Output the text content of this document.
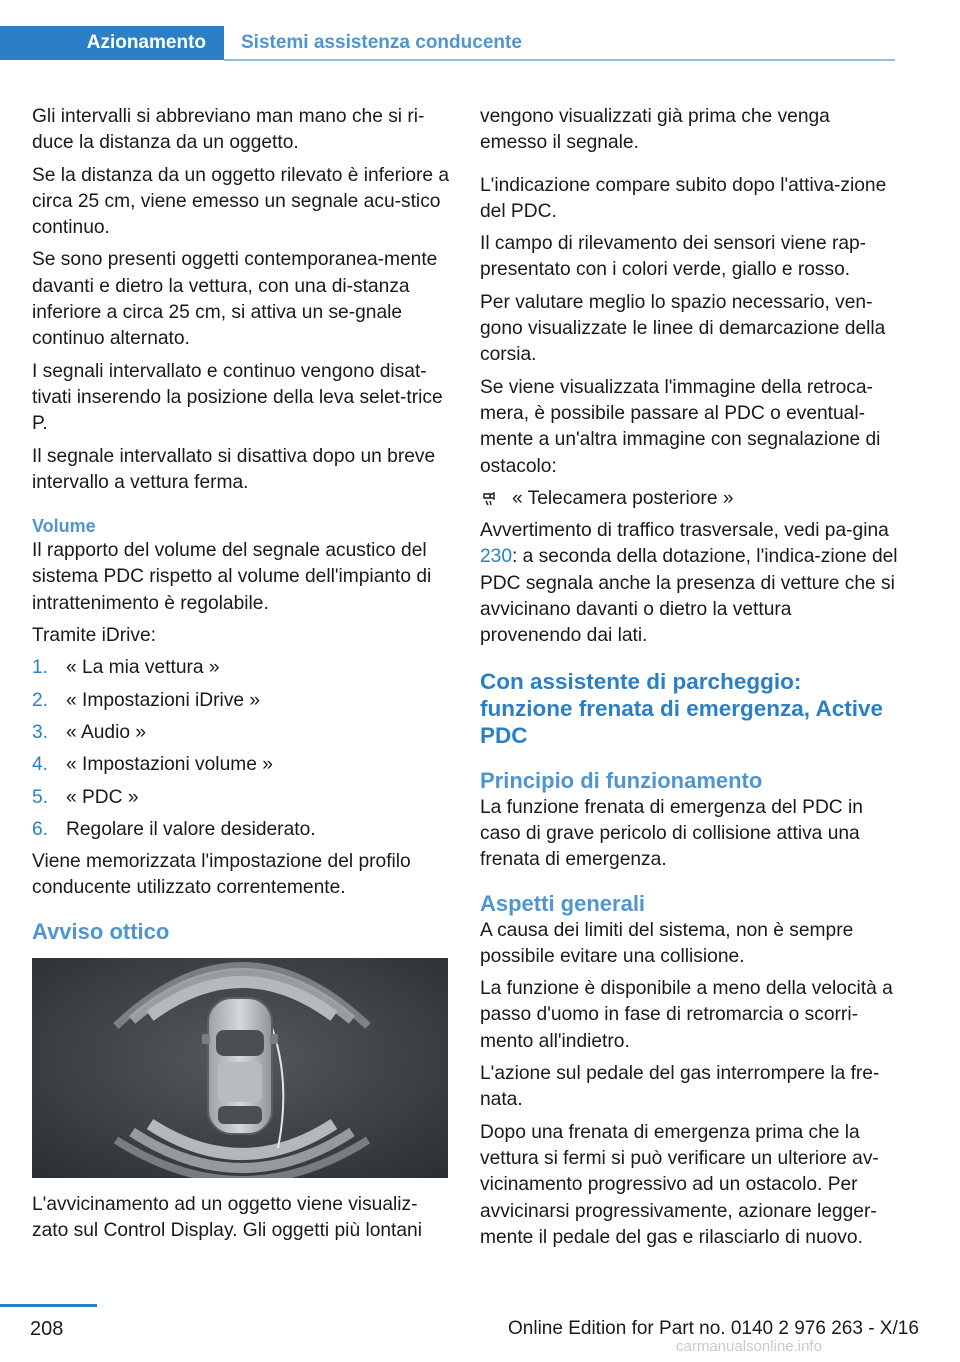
Azionamento	Sistemi assistenza conducente

Gli intervalli si abbreviano man mano che si ri‐duce la distanza da un oggetto.

Se la distanza da un oggetto rilevato è inferiore a circa 25 cm, viene emesso un segnale acu‐stico continuo.

Se sono presenti oggetti contemporanea‐mente davanti e dietro la vettura, con una di‐stanza inferiore a circa 25 cm, si attiva un se‐gnale continuo alternato.

I segnali intervallato e continuo vengono disat‐tivati inserendo la posizione della leva selet‐trice P.

Il segnale intervallato si disattiva dopo un breve intervallo a vettura ferma.

Volume

Il rapporto del volume del segnale acustico del sistema PDC rispetto al volume dell'impianto di intrattenimento è regolabile.

Tramite iDrive:

1. « La mia vettura »
2. « Impostazioni iDrive »
3. « Audio »
4. « Impostazioni volume »
5. « PDC »
6. Regolare il valore desiderato.

Viene memorizzata l'impostazione del profilo conducente utilizzato correntemente.

Avviso ottico

L'avvicinamento ad un oggetto viene visualiz‐zato sul Control Display. Gli oggetti più lontani

vengono visualizzati già prima che venga emesso il segnale.

L'indicazione compare subito dopo l'attiva‐zione del PDC.

Il campo di rilevamento dei sensori viene rap‐presentato con i colori verde, giallo e rosso.

Per valutare meglio lo spazio necessario, ven‐gono visualizzate le linee di demarcazione della corsia.

Se viene visualizzata l'immagine della retroca‐mera, è possibile passare al PDC o eventual‐mente a un'altra immagine con segnalazione di ostacolo:

« Telecamera posteriore »

Avvertimento di traffico trasversale, vedi pa‐gina 230: a seconda della dotazione, l'indica‐zione del PDC segnala anche la presenza di vetture che si avvicinano davanti o dietro la vettura provenendo dai lati.

Con assistente di parcheggio: funzione frenata di emergenza, Active PDC
Principio di funzionamento

La funzione frenata di emergenza del PDC in caso di grave pericolo di collisione attiva una frenata di emergenza.

Aspetti generali

A causa dei limiti del sistema, non è sempre possibile evitare una collisione.

La funzione è disponibile a meno della velocità a passo d'uomo in fase di retromarcia o scorri‐mento all'indietro.

L'azione sul pedale del gas interrompere la fre‐nata.

Dopo una frenata di emergenza prima che la vettura si fermi si può verificare un ulteriore av‐vicinamento progressivo ad un ostacolo. Per avvicinarsi progressivamente, azionare legger‐mente il pedale del gas e rilasciarlo di nuovo.

208	Online Edition for Part no. 0140 2 976 263 - X/16
carmanualsonline.info
